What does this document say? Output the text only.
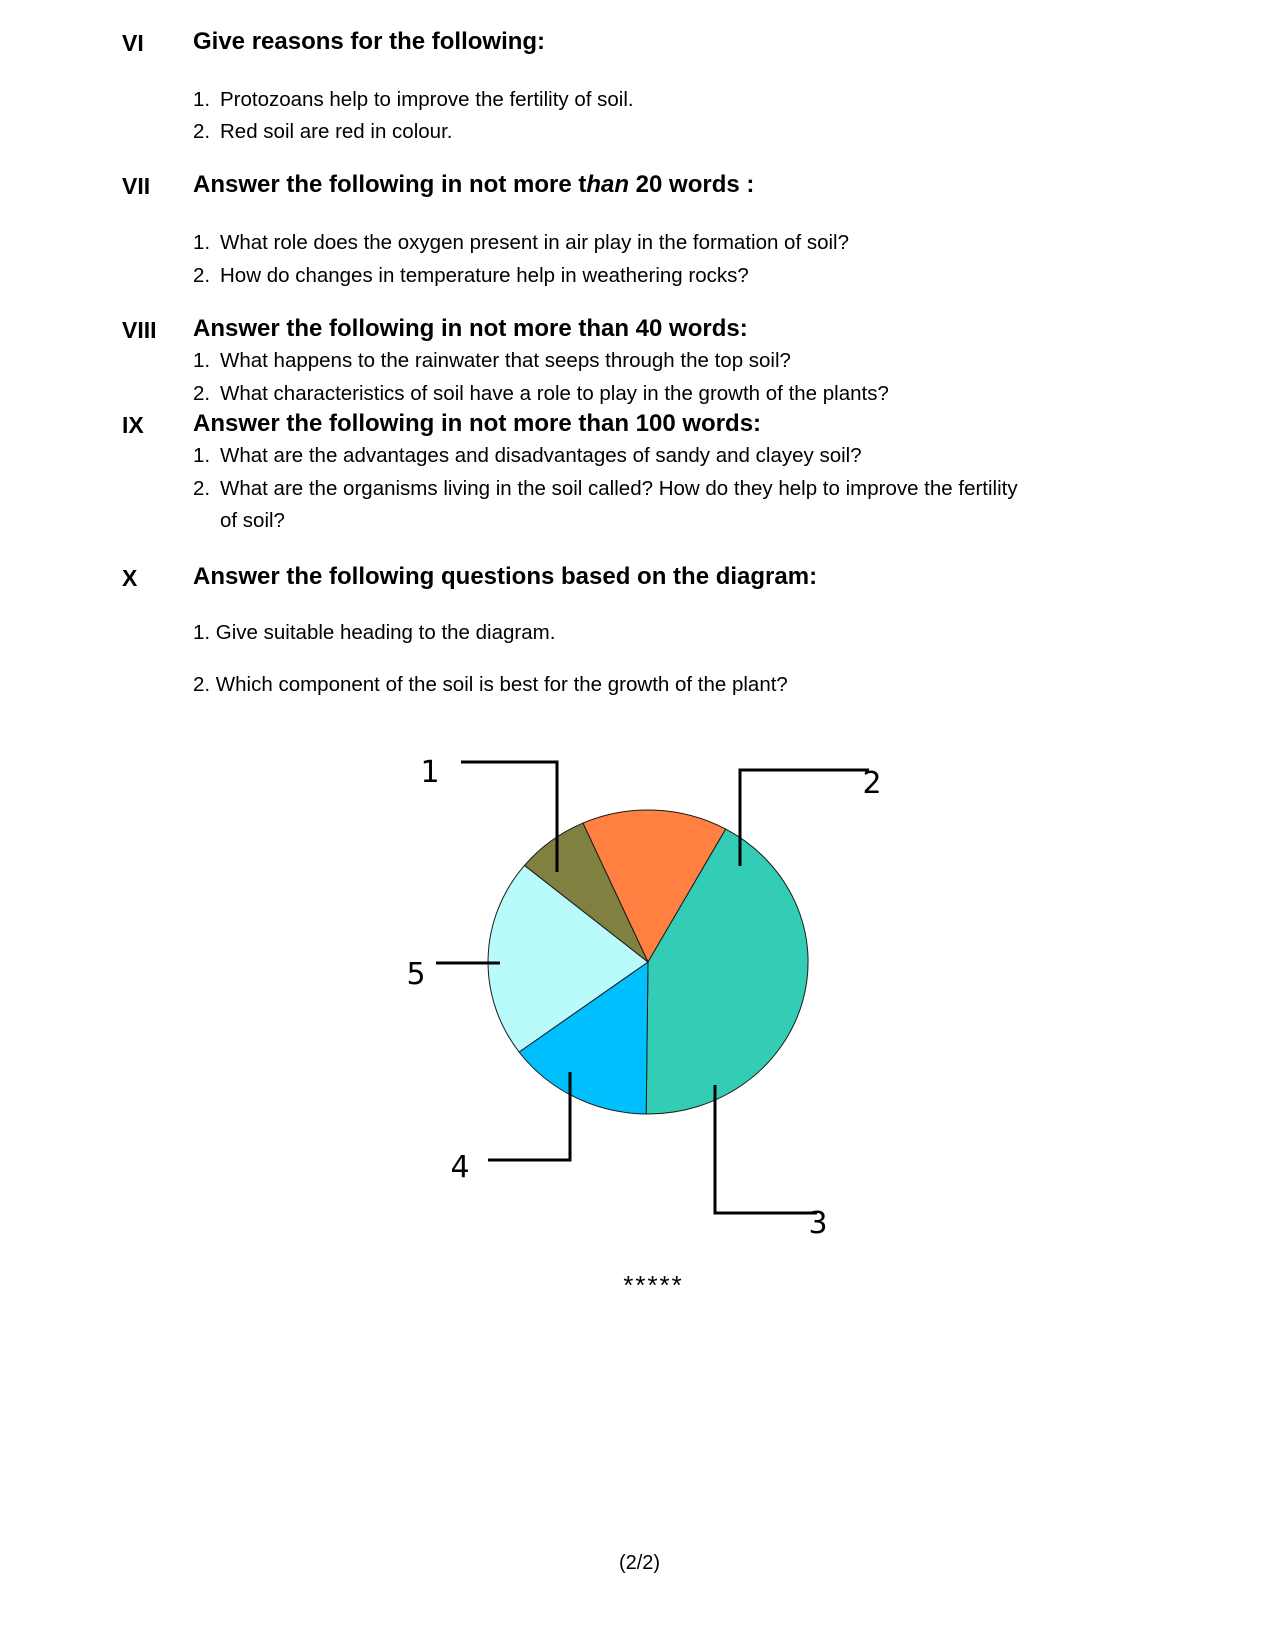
VI Give reasons for the following:
1. Protozoans help to improve the fertility of soil.
2. Red soil are red in colour.
VII Answer the following in not more than 20 words :
1. What role does the oxygen present in air play in the formation of soil?
2. How do changes in temperature help in weathering rocks?
VIII Answer the following in not more than 40 words:
1. What happens to the rainwater that seeps through the top soil?
2. What characteristics of soil have a role to play in the growth of the plants?
IX Answer the following in not more than 100 words:
1. What are the advantages and disadvantages of sandy and clayey soil?
2. What are the organisms living in the soil called? How do they help to improve the fertility
of soil?
X Answer the following questions based on the diagram:
1. Give suitable heading to the diagram.
2. Which component of the soil is best for the growth of the plant?
1	2
3
4
5
*****
(2/2)
